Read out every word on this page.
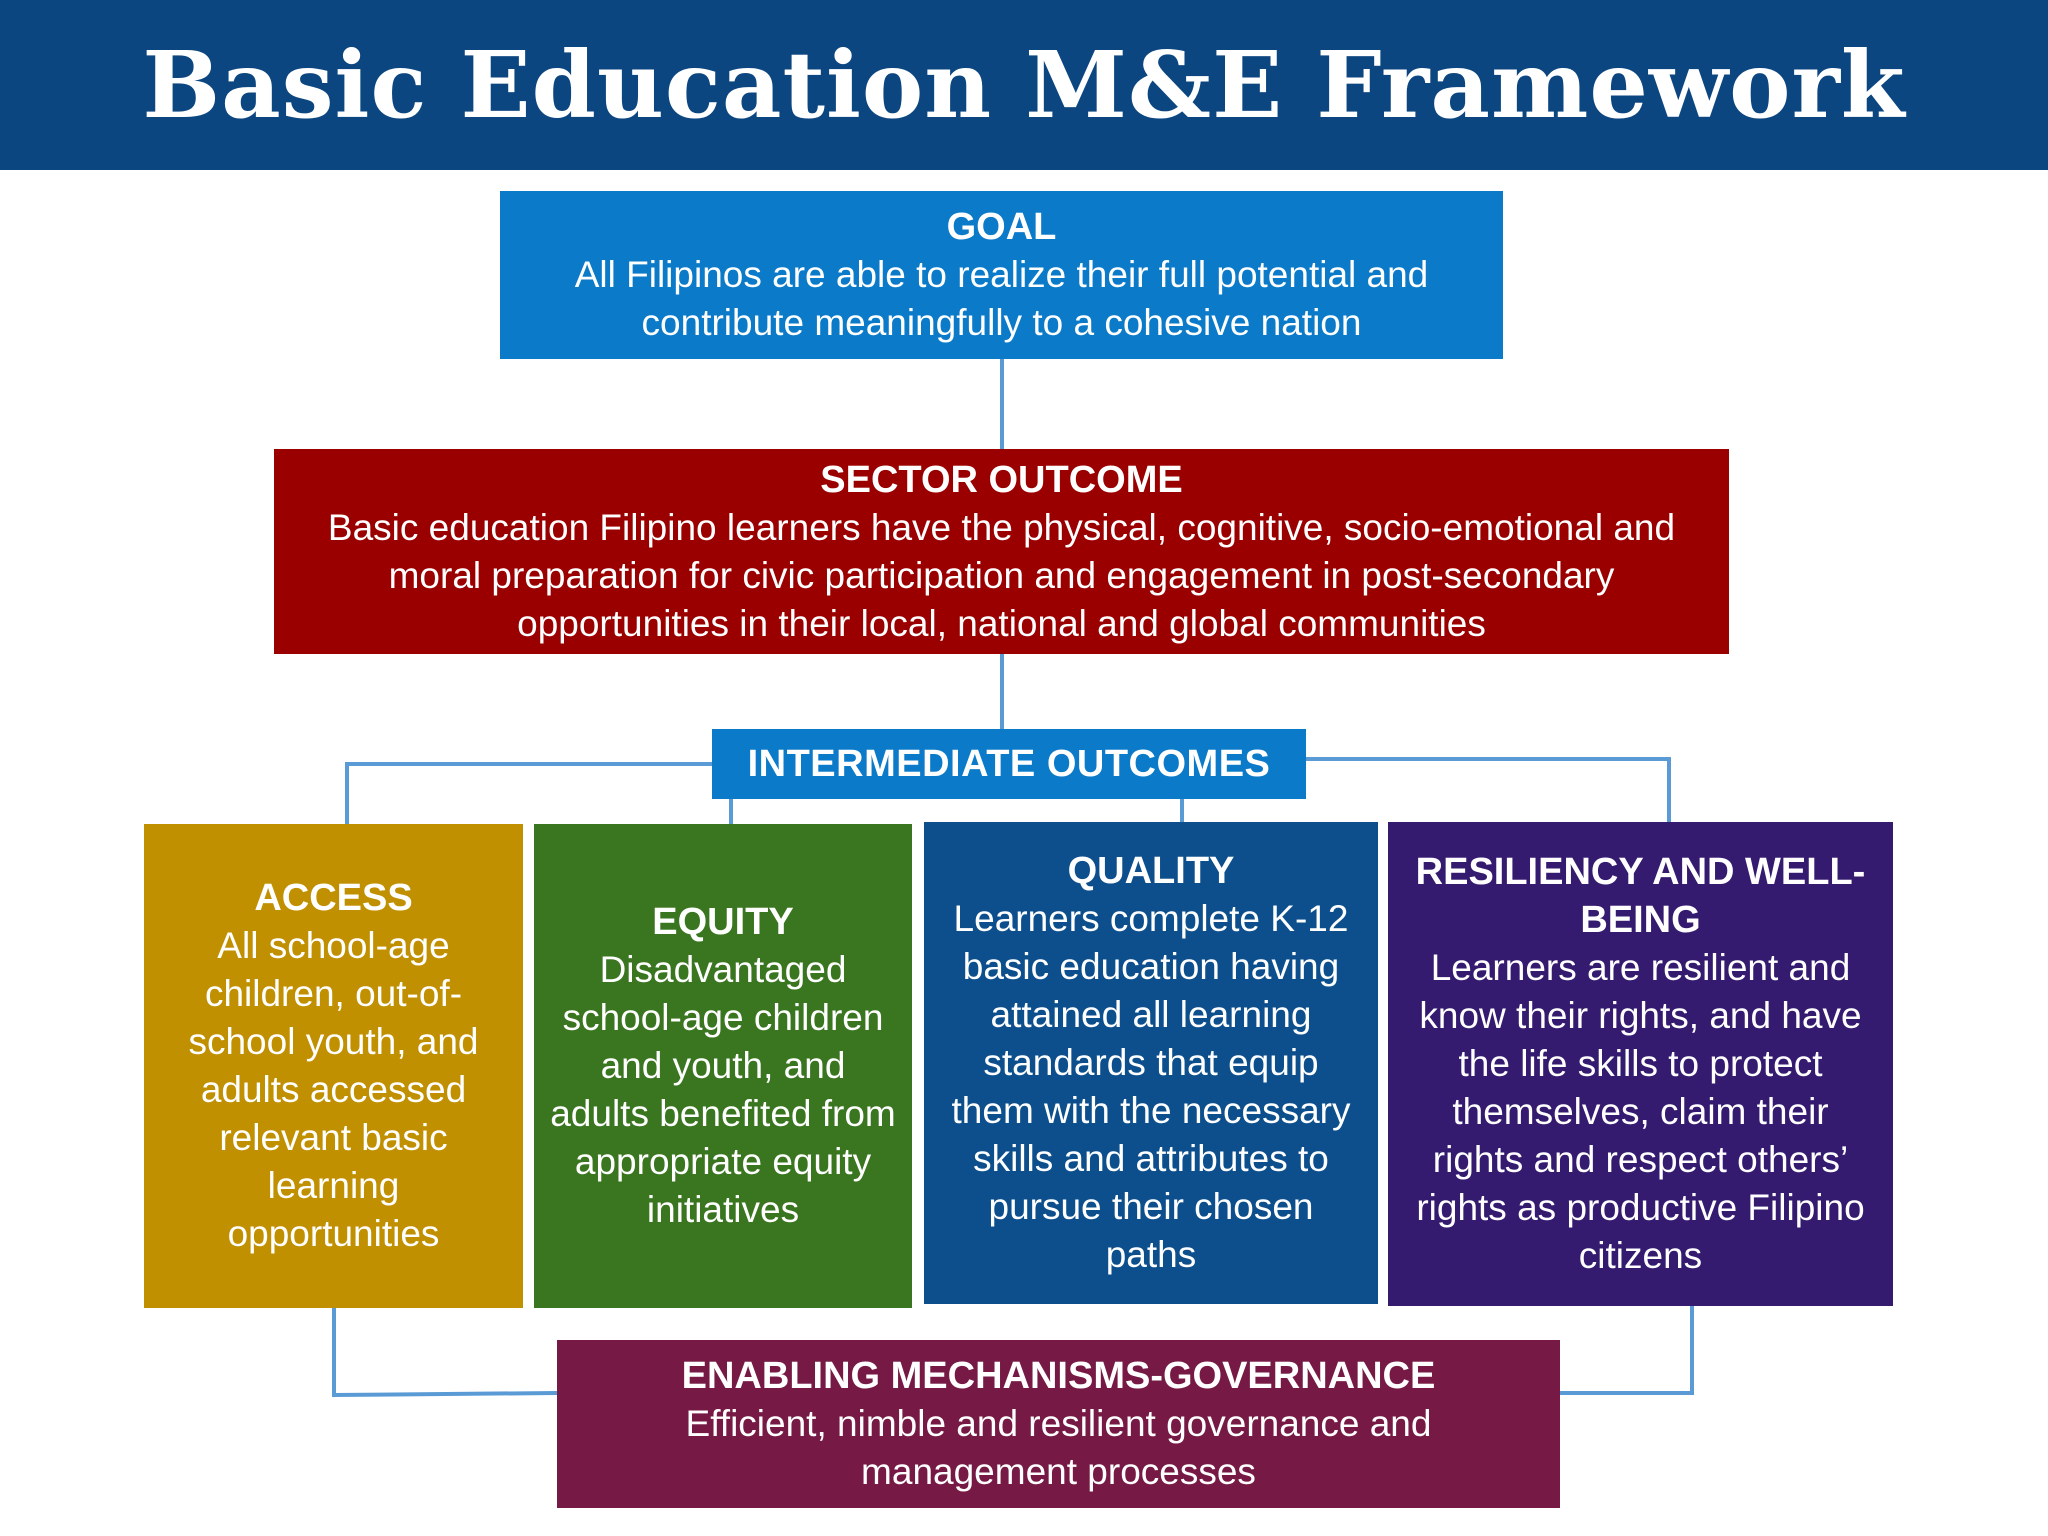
Basic Education M&E Framework
GOAL
All Filipinos are able to realize their full potential and contribute meaningfully to a cohesive nation
SECTOR OUTCOME
Basic education Filipino learners have the physical, cognitive, socio-emotional and moral preparation for civic participation and engagement in post-secondary opportunities in their local, national and global communities
INTERMEDIATE OUTCOMES
ACCESS
All school-age children, out-of-school youth, and adults accessed relevant basic learning opportunities
EQUITY
Disadvantaged school-age children and youth, and adults benefited from appropriate equity initiatives
QUALITY
Learners complete K-12 basic education having attained all learning standards that equip them with the necessary skills and attributes to pursue their chosen paths
RESILIENCY AND WELL-BEING
Learners are resilient and know their rights, and have the life skills to protect themselves, claim their rights and respect others’ rights as productive Filipino citizens
ENABLING MECHANISMS-GOVERNANCE
Efficient, nimble and resilient governance and management processes
